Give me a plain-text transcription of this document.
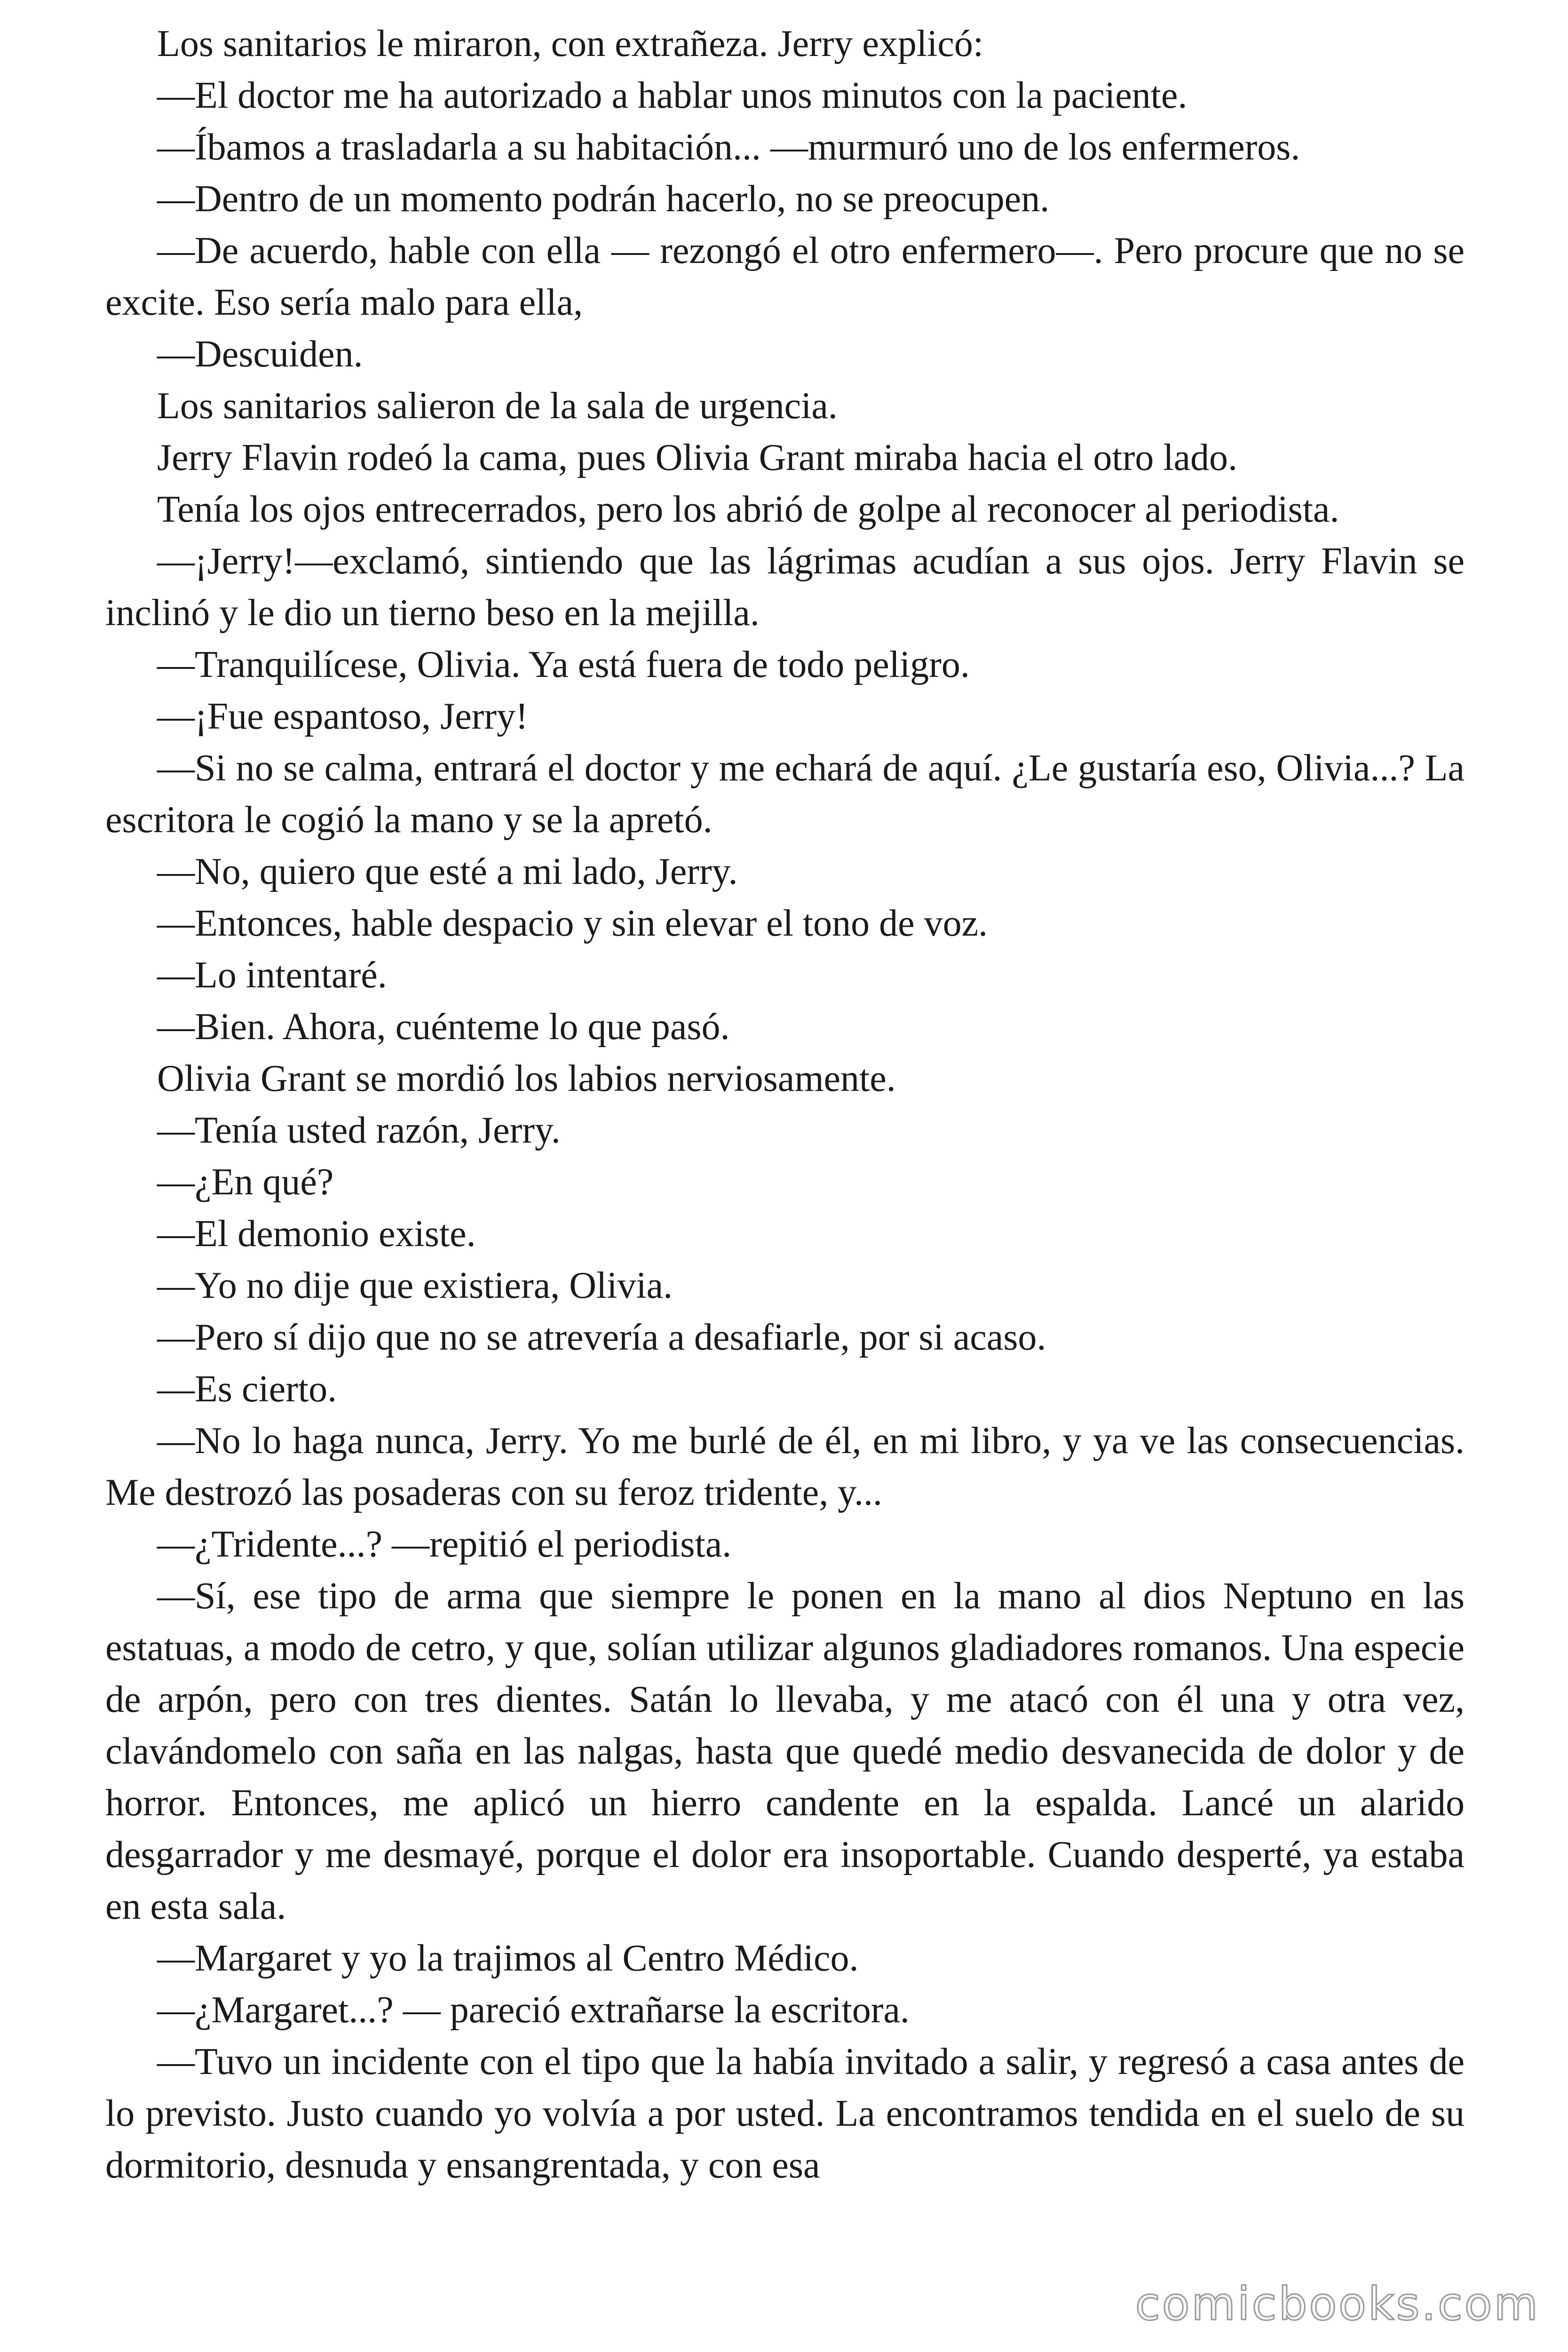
Los sanitarios le miraron, con extrañeza. Jerry explicó:

—El doctor me ha autorizado a hablar unos minutos con la paciente.

—Íbamos a trasladarla a su habitación... —murmuró uno de los enfermeros.

—Dentro de un momento podrán hacerlo, no se preocupen.

—De acuerdo, hable con ella — rezongó el otro enfermero—. Pero procure que no se excite. Eso sería malo para ella,

—Descuiden.

Los sanitarios salieron de la sala de urgencia.

Jerry Flavin rodeó la cama, pues Olivia Grant miraba hacia el otro lado.

Tenía los ojos entrecerrados, pero los abrió de golpe al reconocer al periodista.

—¡Jerry!—exclamó, sintiendo que las lágrimas acudían a sus ojos. Jerry Flavin se inclinó y le dio un tierno beso en la mejilla.

—Tranquilícese, Olivia. Ya está fuera de todo peligro.

—¡Fue espantoso, Jerry!

—Si no se calma, entrará el doctor y me echará de aquí. ¿Le gustaría eso, Olivia...? La escritora le cogió la mano y se la apretó.

—No, quiero que esté a mi lado, Jerry.

—Entonces, hable despacio y sin elevar el tono de voz.

—Lo intentaré.

—Bien. Ahora, cuénteme lo que pasó.

Olivia Grant se mordió los labios nerviosamente.

—Tenía usted razón, Jerry.

—¿En qué?

—El demonio existe.

—Yo no dije que existiera, Olivia.

—Pero sí dijo que no se atrevería a desafiarle, por si acaso.

—Es cierto.

—No lo haga nunca, Jerry. Yo me burlé de él, en mi libro, y ya ve las consecuencias. Me destrozó las posaderas con su feroz tridente, y...

—¿Tridente...? —repitió el periodista.

—Sí, ese tipo de arma que siempre le ponen en la mano al dios Neptuno en las estatuas, a modo de cetro, y que, solían utilizar algunos gladiadores romanos. Una especie de arpón, pero con tres dientes. Satán lo llevaba, y me atacó con él una y otra vez, clavándomelo con saña en las nalgas, hasta que quedé medio desvanecida de dolor y de horror. Entonces, me aplicó un hierro candente en la espalda. Lancé un alarido desgarrador y me desmayé, porque el dolor era insoportable. Cuando desperté, ya estaba en esta sala.

—Margaret y yo la trajimos al Centro Médico.

—¿Margaret...? — pareció extrañarse la escritora.

—Tuvo un incidente con el tipo que la había invitado a salir, y regresó a casa antes de lo previsto. Justo cuando yo volvía a por usted. La encontramos tendida en el suelo de su dormitorio, desnuda y ensangrentada, y con esa

comicbooks.com
